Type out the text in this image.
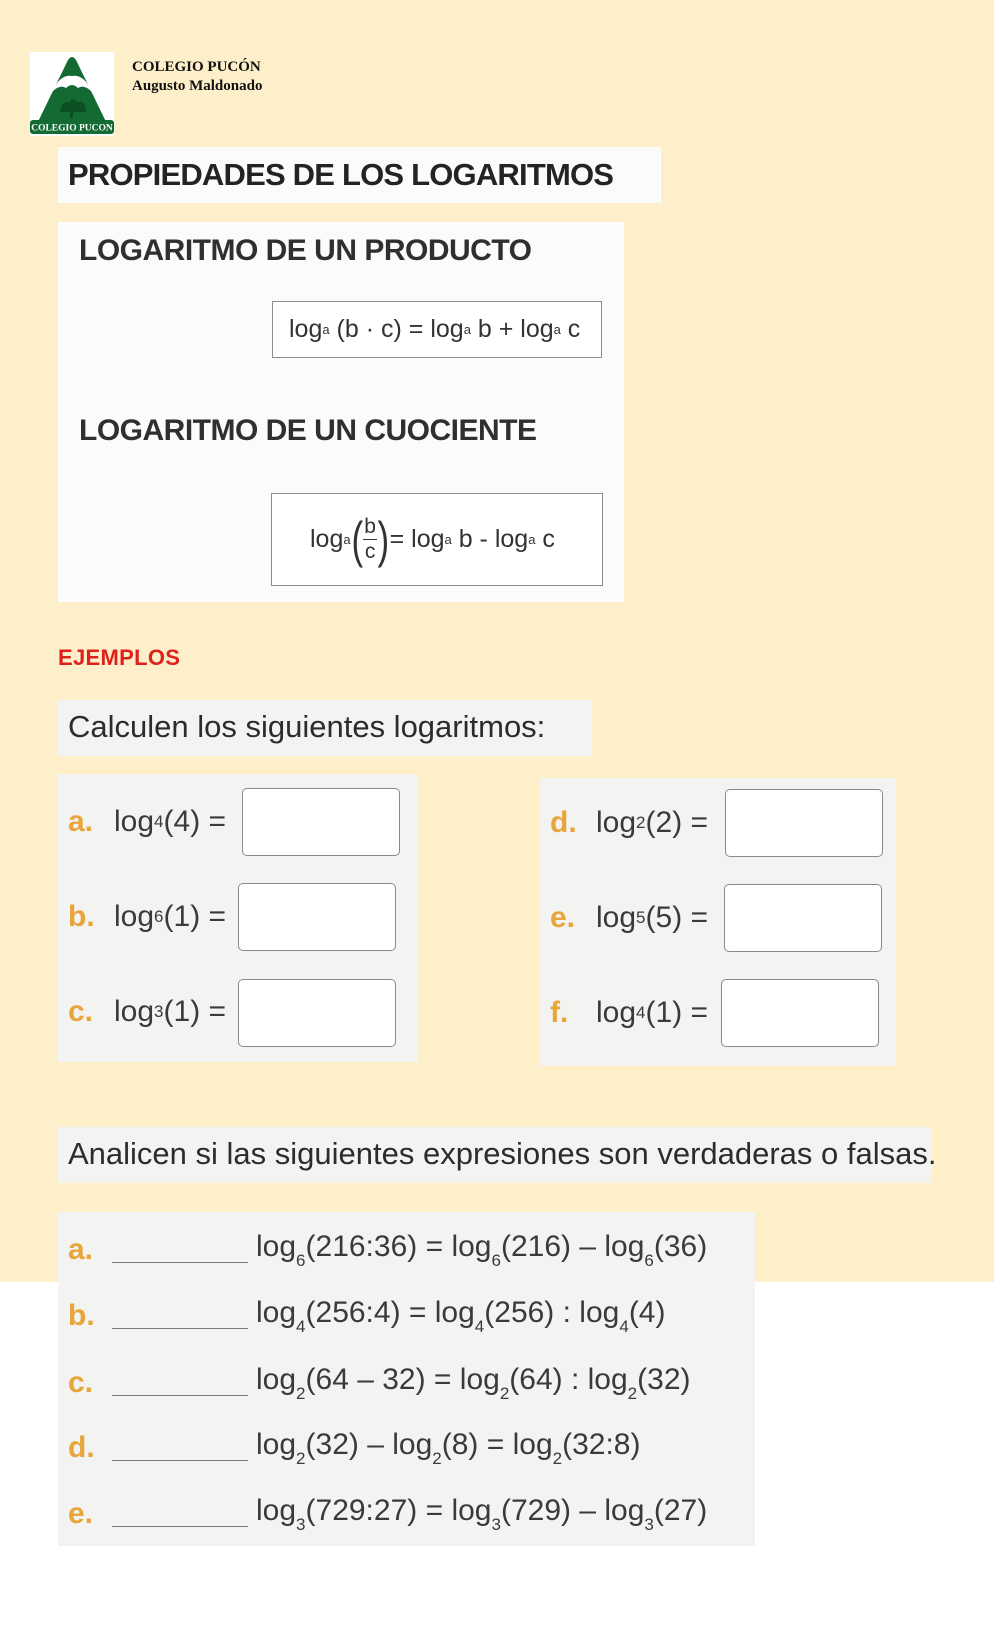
COLEGIO PUCON
COLEGIO PUCÓN
Augusto Maldonado
PROPIEDADES DE LOS LOGARITMOS
LOGARITMO DE UN PRODUCTO
log a (b · c) = log a b + log a c
LOGARITMO DE UN CUOCIENTE
log a ( $\frac{b}{c}$ ) = log a b - log a c
EJEMPLOS
Calculen los siguientes logaritmos:
a. log 4 (4) =
b. log 6 (1) =
c. log 3 (1) =
d. log 2 (2) =
e. log 5 (5) =
f. log 4 (1) =
Analicen si las siguientes expresiones son verdaderas o falsas.
a.	$\log_6(216:36) = \log_6(216) - \log_6(36)$
b.	$\log_4(256:4) = \log_4(256)$ : $\log_4(4)$
c.	$\log_2(64 - 32) = \log_2(64)$ : $\log_2(32)$
d.	$\log_2(32) - \log_2(8)$ = $\log_2(32:8)$
e.	$\log_3(729:27) = \log_3(729) - \log_3(27)$
